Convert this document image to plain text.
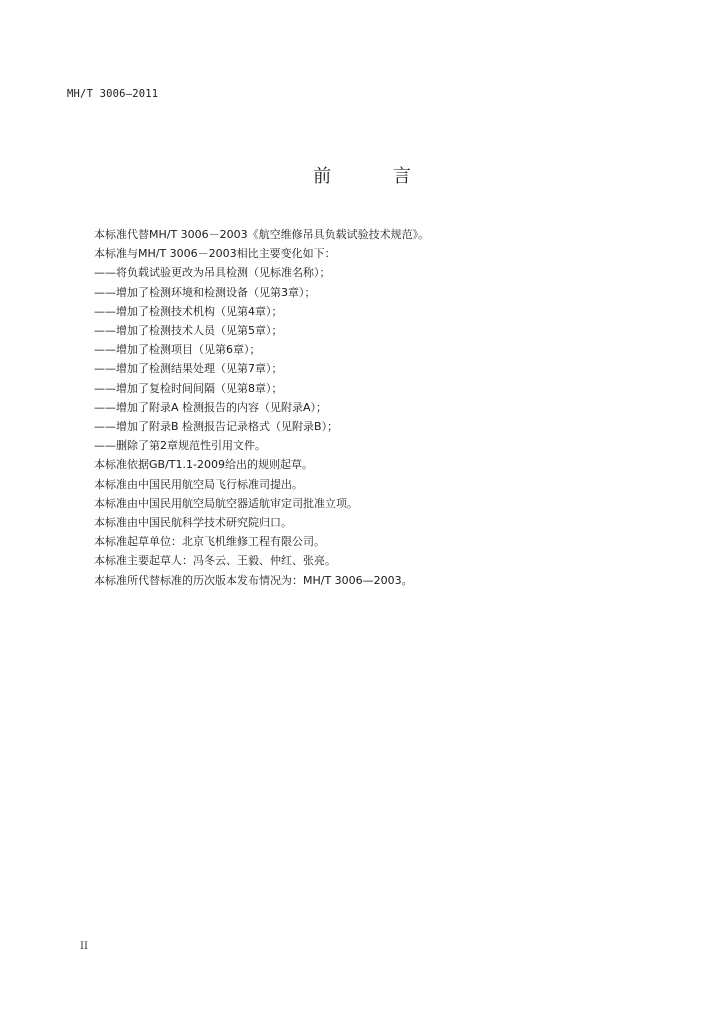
MH/T 3006—2011
前 言
本标准代替MH/T 3006－2003《航空维修吊具负载试验技术规范》。
本标准与MH/T 3006－2003相比主要变化如下：
——将负载试验更改为吊具检测（见标准名称）；
——增加了检测环境和检测设备（见第3章）；
——增加了检测技术机构（见第4章）；
——增加了检测技术人员（见第5章）；
——增加了检测项目（见第6章）；
——增加了检测结果处理（见第7章）；
——增加了复检时间间隔（见第8章）；
——增加了附录A 检测报告的内容（见附录A）；
——增加了附录B 检测报告记录格式（见附录B）；
——删除了第2章规范性引用文件。
本标准依据GB/T1.1-2009给出的规则起草。
本标准由中国民用航空局飞行标准司提出。
本标准由中国民用航空局航空器适航审定司批准立项。
本标准由中国民航科学技术研究院归口。
本标准起草单位：北京飞机维修工程有限公司。
本标准主要起草人：冯冬云、王毅、仲红、张亮。
本标准所代替标准的历次版本发布情况为：MH/T 3006—2003。
II
